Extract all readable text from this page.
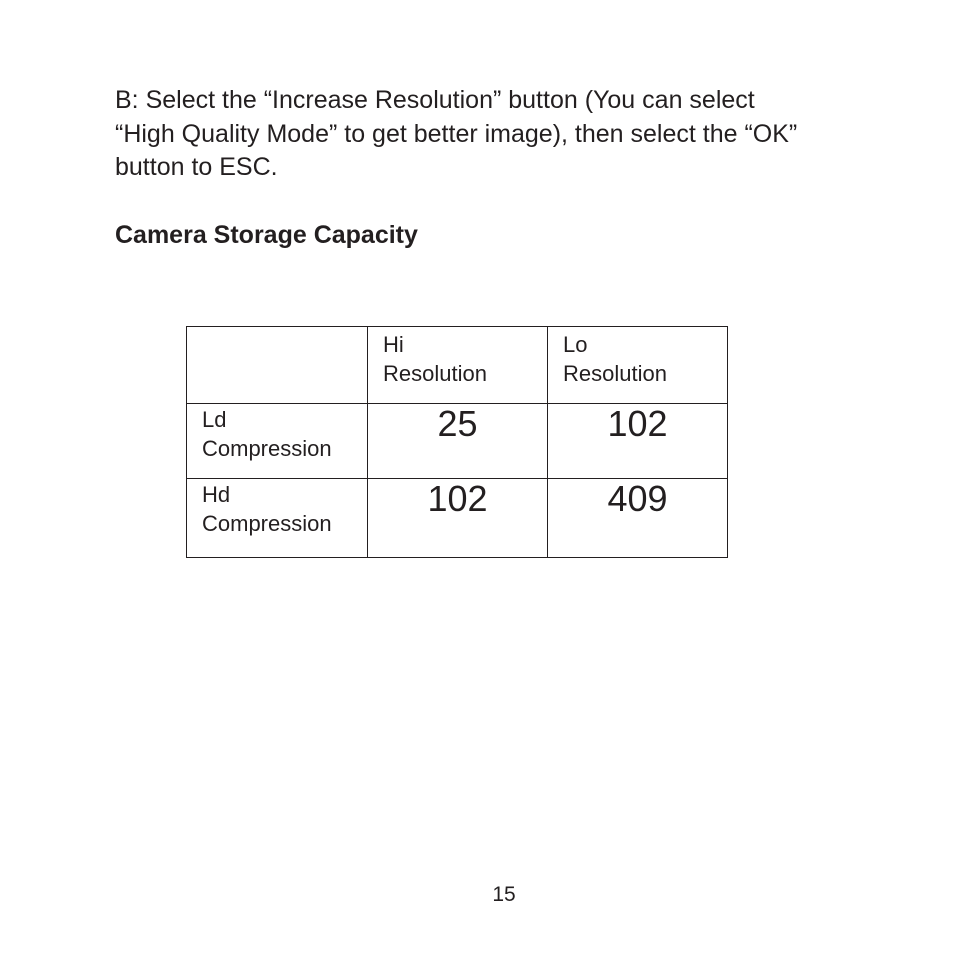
B: Select the “Increase Resolution” button (You can select
“High Quality Mode” to get better image), then select the “OK”
button to ESC.

Camera Storage Capacity

	Hi
Resolution	Lo
Resolution

Ld
Compression	25	102

Hd
Compression	102	409

15
